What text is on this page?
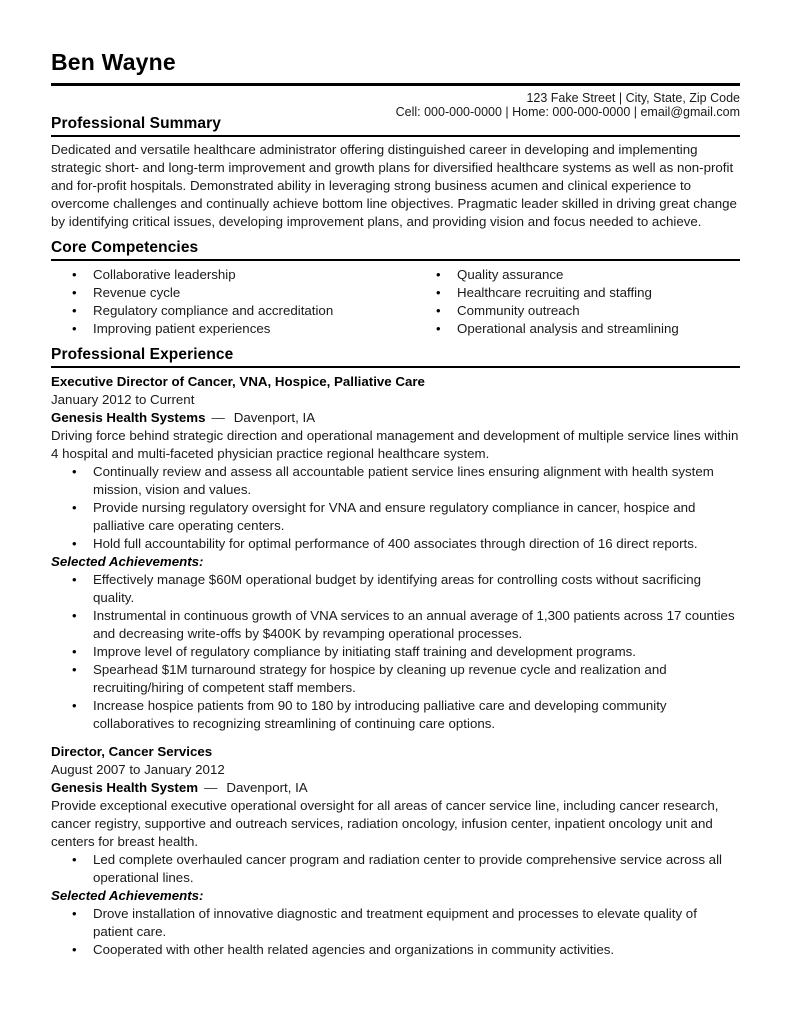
Ben Wayne
123 Fake Street | City, State, Zip Code
Cell: 000-000-0000 | Home: 000-000-0000 | email@gmail.com
Professional Summary

Dedicated and versatile healthcare administrator offering distinguished career in developing and implementing strategic short- and long-term improvement and growth plans for diversified healthcare systems as well as non-profit and for-profit hospitals. Demonstrated ability in leveraging strong business acumen and clinical experience to overcome challenges and continually achieve bottom line objectives. Pragmatic leader skilled in driving great change by identifying critical issues, developing improvement plans, and providing vision and focus needed to achieve.

Core Competencies
•	Collaborative leadership
•	Revenue cycle
•	Regulatory compliance and accreditation
•	Improving patient experiences
•	Quality assurance
•	Healthcare recruiting and staffing
•	Community outreach
•	Operational analysis and streamlining
Professional Experience
Executive Director of Cancer, VNA, Hospice, Palliative Care
January 2012 to Current
Genesis Health Systems — Davenport, IA

Driving force behind strategic direction and operational management and development of multiple service lines within 4 hospital and multi-faceted physician practice regional healthcare system.

•	Continually review and assess all accountable patient service lines ensuring alignment with health system mission, vision and values.
•	Provide nursing regulatory oversight for VNA and ensure regulatory compliance in cancer, hospice and palliative care operating centers.
•	Hold full accountability for optimal performance of 400 associates through direction of 16 direct reports.
Selected Achievements:
•	Effectively manage $60M operational budget by identifying areas for controlling costs without sacrificing quality.
•	Instrumental in continuous growth of VNA services to an annual average of 1,300 patients across 17 counties and decreasing write-offs by $400K by revamping operational processes.
•	Improve level of regulatory compliance by initiating staff training and development programs.
•	Spearhead $1M turnaround strategy for hospice by cleaning up revenue cycle and realization and recruiting/hiring of competent staff members.
•	Increase hospice patients from 90 to 180 by introducing palliative care and developing community collaboratives to recognizing streamlining of continuing care options.
Director, Cancer Services
August 2007 to January 2012
Genesis Health System — Davenport, IA

Provide exceptional executive operational oversight for all areas of cancer service line, including cancer research, cancer registry, supportive and outreach services, radiation oncology, infusion center, inpatient oncology unit and centers for breast health.

•	Led complete overhauled cancer program and radiation center to provide comprehensive service across all operational lines.
Selected Achievements:
•	Drove installation of innovative diagnostic and treatment equipment and processes to elevate quality of patient care.
•	Cooperated with other health related agencies and organizations in community activities.
